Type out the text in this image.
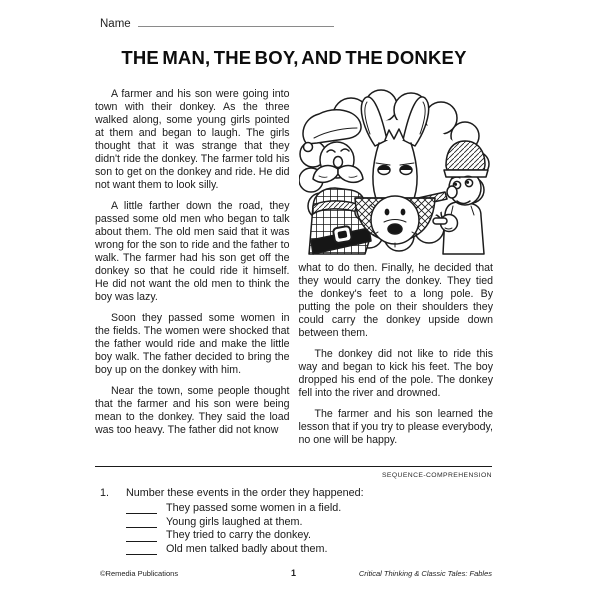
Name
THE MAN, THE BOY, AND THE DONKEY

A farmer and his son were going into town with their donkey. As the three walked along, some young girls pointed at them and began to laugh. The girls thought that it was strange that they didn't ride the donkey. The farmer told his son to get on the donkey and ride. He did not want them to look silly.

A little farther down the road, they passed some old men who began to talk about them. The old men said that it was wrong for the son to ride and the father to walk. The farmer had his son get off the donkey so that he could ride it himself. He did not want the old men to think the boy was lazy.

Soon they passed some women in the fields. The women were shocked that the father would ride and make the little boy walk. The father decided to bring the boy up on the donkey with him.

Near the town, some people thought that the farmer and his son were being mean to the donkey. They said the load was too heavy. The father did not know

what to do then. Finally, he decided that they would carry the donkey. They tied the donkey's feet to a long pole. By putting the pole on their shoulders they could carry the donkey upside down between them.

The donkey did not like to ride this way and began to kick his feet. The boy dropped his end of the pole. The donkey fell into the river and drowned.

The farmer and his son learned the lesson that if you try to please everybody, no one will be happy.

SEQUENCE-COMPREHENSION
1.	Number these events in the order they happened:
They passed some women in a field.
Young girls laughed at them.
They tried to carry the donkey.
Old men talked badly about them.
©Remedia Publications	1	Critical Thinking & Classic Tales: Fables
